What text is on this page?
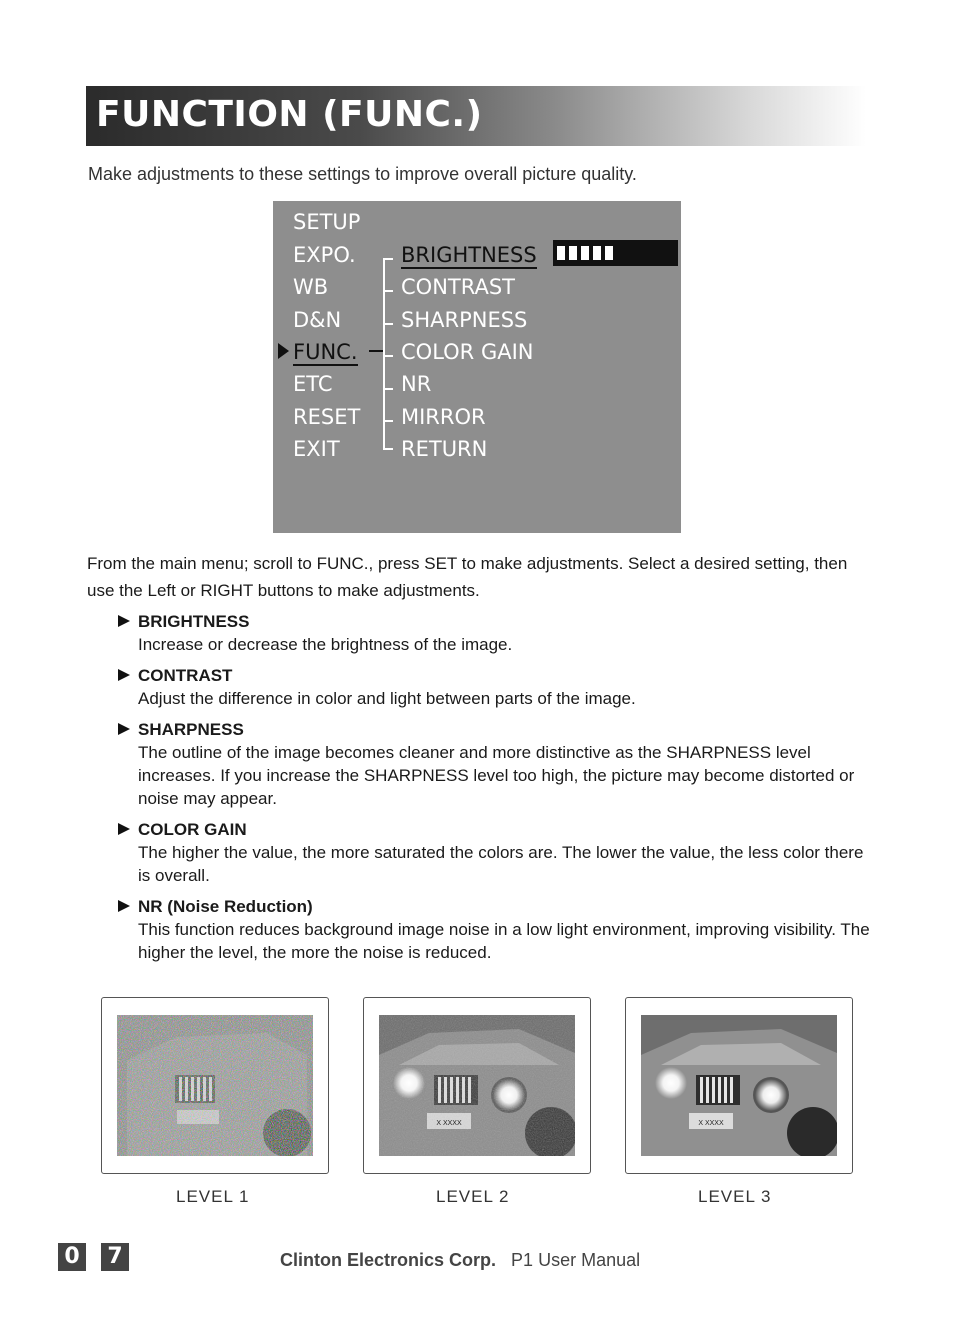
FUNCTION (FUNC.)
Make adjustments to these settings to improve overall picture quality.
SETUP
EXPO.
WB
D&N
FUNC.
ETC
RESET
EXIT
BRIGHTNESS
CONTRAST
SHARPNESS
COLOR GAIN
NR
MIRROR
RETURN
From the main menu; scroll to FUNC., press SET to make adjustments. Select a desired setting, then use the Left or RIGHT buttons to make adjustments.
BRIGHTNESS
Increase or decrease the brightness of the image.
CONTRAST
Adjust the difference in color and light between parts of the image.
SHARPNESS
The outline of the image becomes cleaner and more distinctive as the SHARPNESS level increases. If you increase the SHARPNESS level too high, the picture may become distorted or noise may appear.
COLOR GAIN
The higher the value, the more saturated the colors are. The lower the value, the less color there is overall.
NR (Noise Reduction)
This function reduces background image noise in a low light environment, improving visibility. The higher the level, the more the noise is reduced.
X XXXX	X XXXX
LEVEL 1	LEVEL 2	LEVEL 3
0 7	Clinton Electronics Corp. P1 User Manual
